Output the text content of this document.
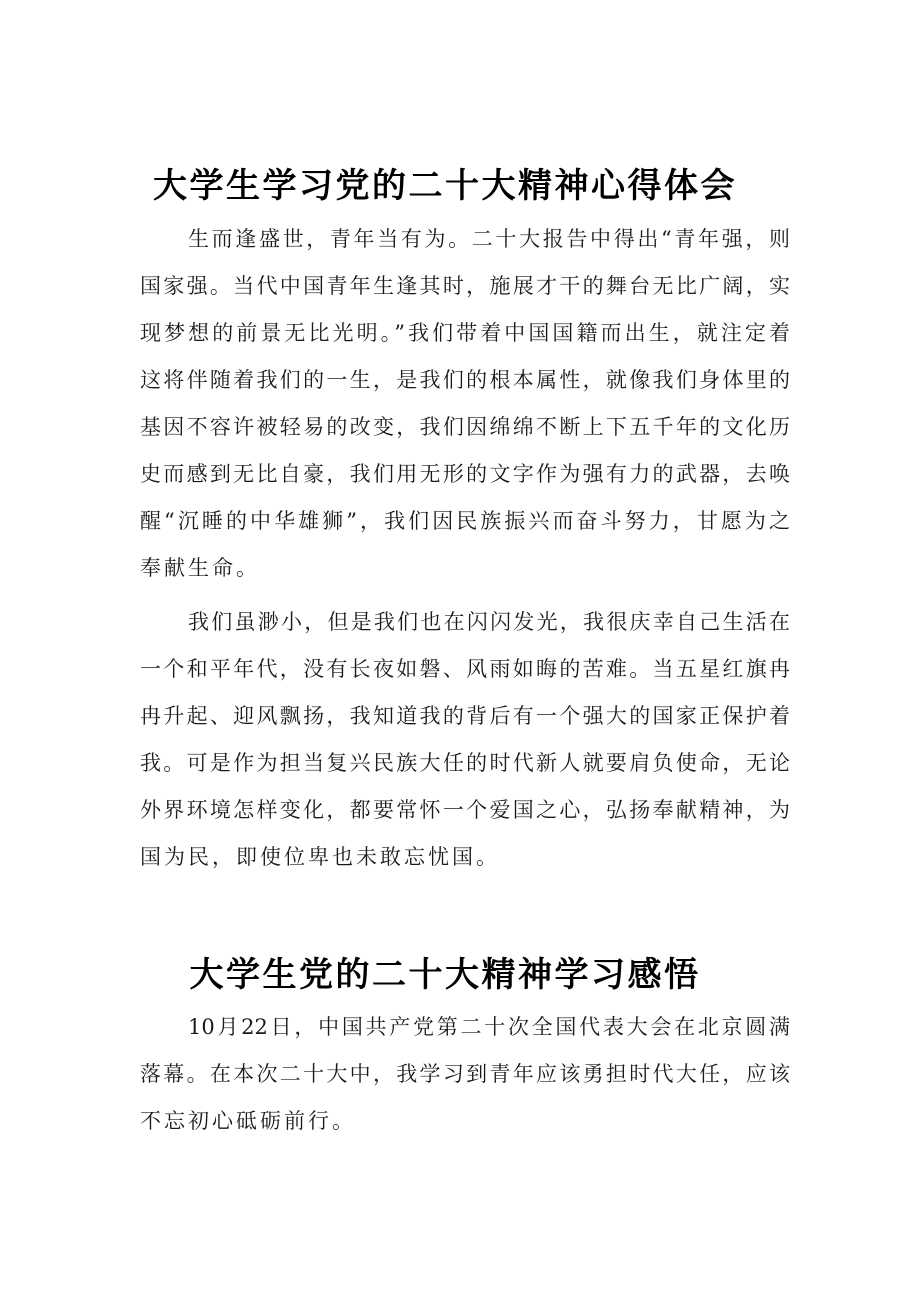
大学生学习党的二十大精神心得体会
生而逢盛世，青年当有为。二十大报告中得出“青年强，则
国家强。当代中国青年生逢其时，施展才干的舞台无比广阔，实
现梦想的前景无比光明。”我们带着中国国籍而出生，就注定着
这将伴随着我们的一生，是我们的根本属性，就像我们身体里的
基因不容许被轻易的改变，我们因绵绵不断上下五千年的文化历
史而感到无比自豪，我们用无形的文字作为强有力的武器，去唤
醒“沉睡的中华雄狮”，我们因民族振兴而奋斗努力，甘愿为之
奉献生命。
我们虽渺小，但是我们也在闪闪发光，我很庆幸自己生活在
一个和平年代，没有长夜如磐、风雨如晦的苦难。当五星红旗冉
冉升起、迎风飘扬，我知道我的背后有一个强大的国家正保护着
我。可是作为担当复兴民族大任的时代新人就要肩负使命，无论
外界环境怎样变化，都要常怀一个爱国之心，弘扬奉献精神，为
国为民，即使位卑也未敢忘忧国。
大学生党的二十大精神学习感悟
10月22日，中国共产党第二十次全国代表大会在北京圆满
落幕。在本次二十大中，我学习到青年应该勇担时代大任，应该
不忘初心砥砺前行。
